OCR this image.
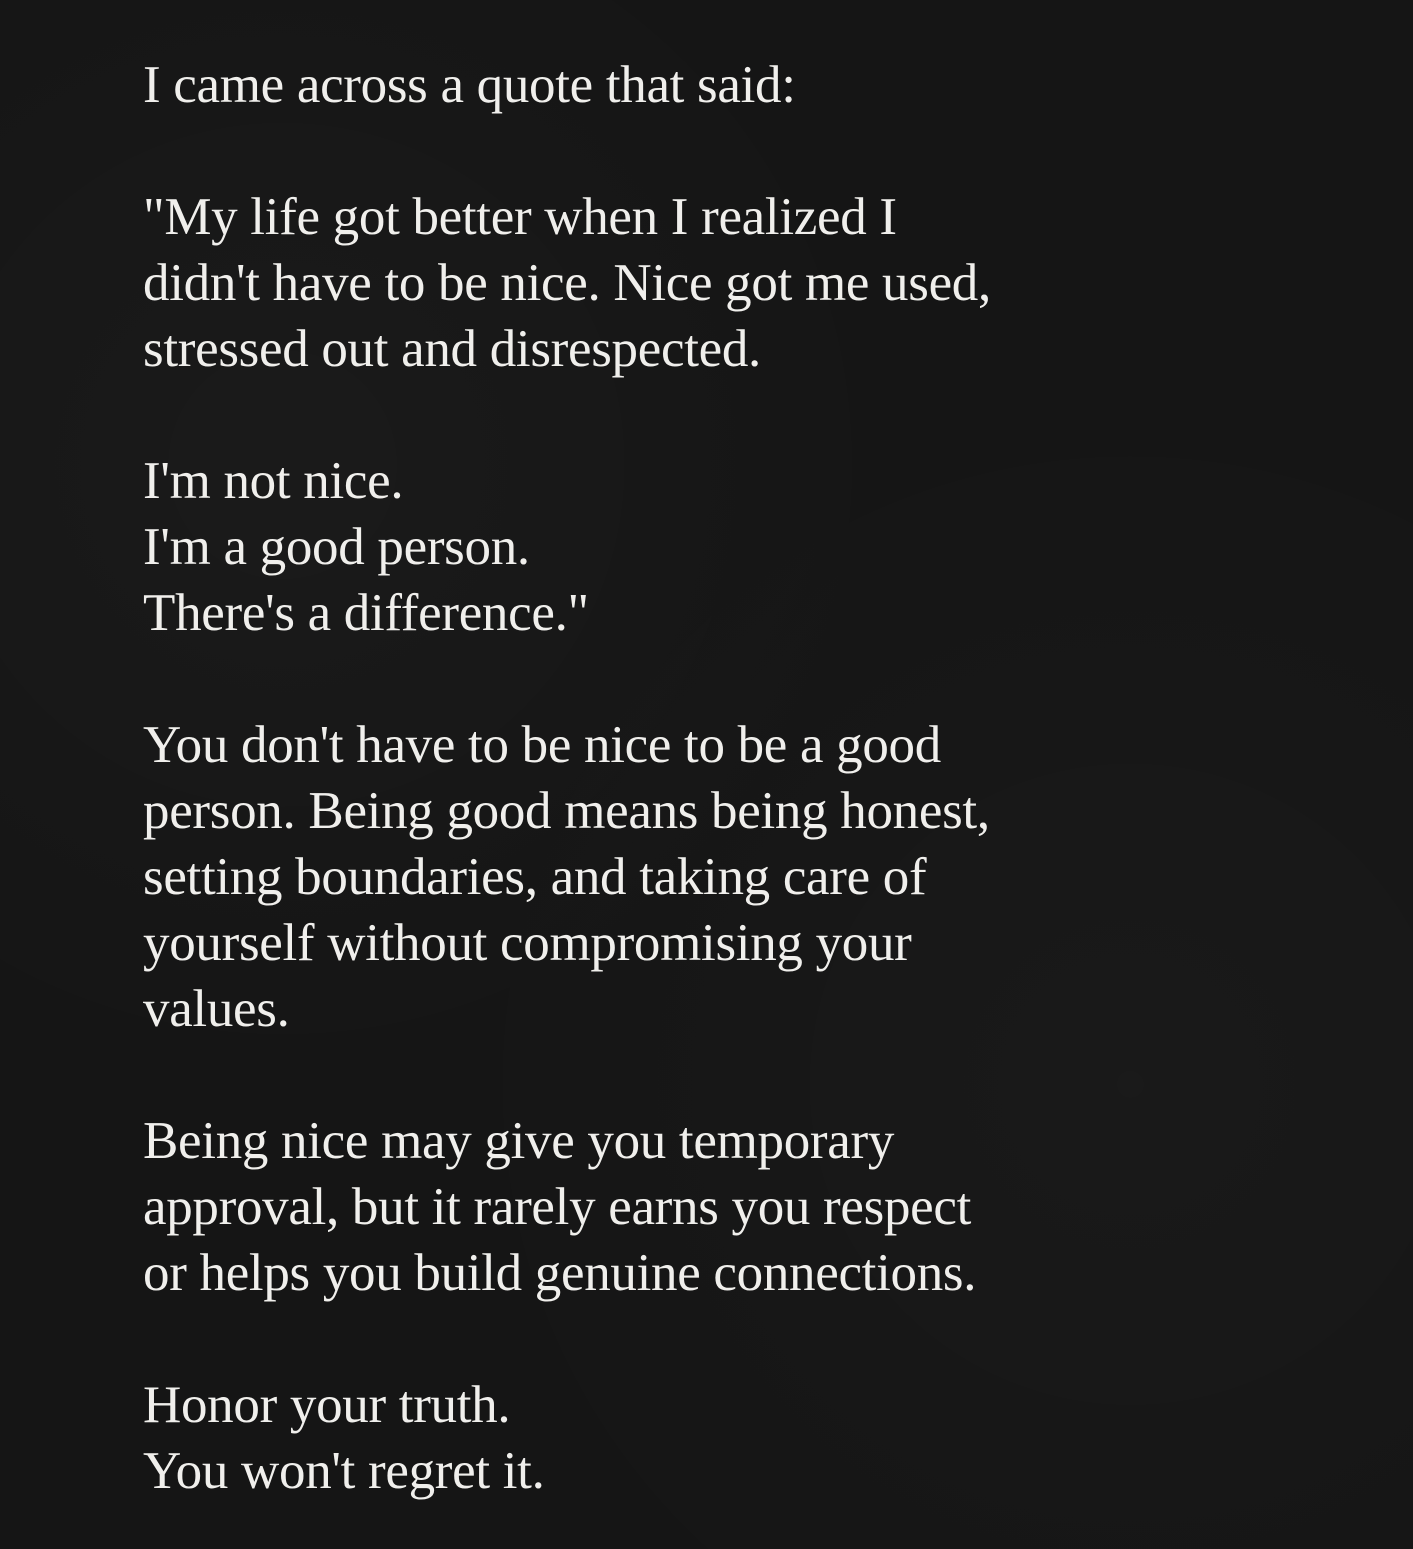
I came across a quote that said:

"My life got better when I realized I
didn't have to be nice. Nice got me used,
stressed out and disrespected.

I'm not nice.
I'm a good person.
There's a difference."

You don't have to be nice to be a good
person. Being good means being honest,
setting boundaries, and taking care of
yourself without compromising your
values.

Being nice may give you temporary
approval, but it rarely earns you respect
or helps you build genuine connections.

Honor your truth.
You won't regret it.
